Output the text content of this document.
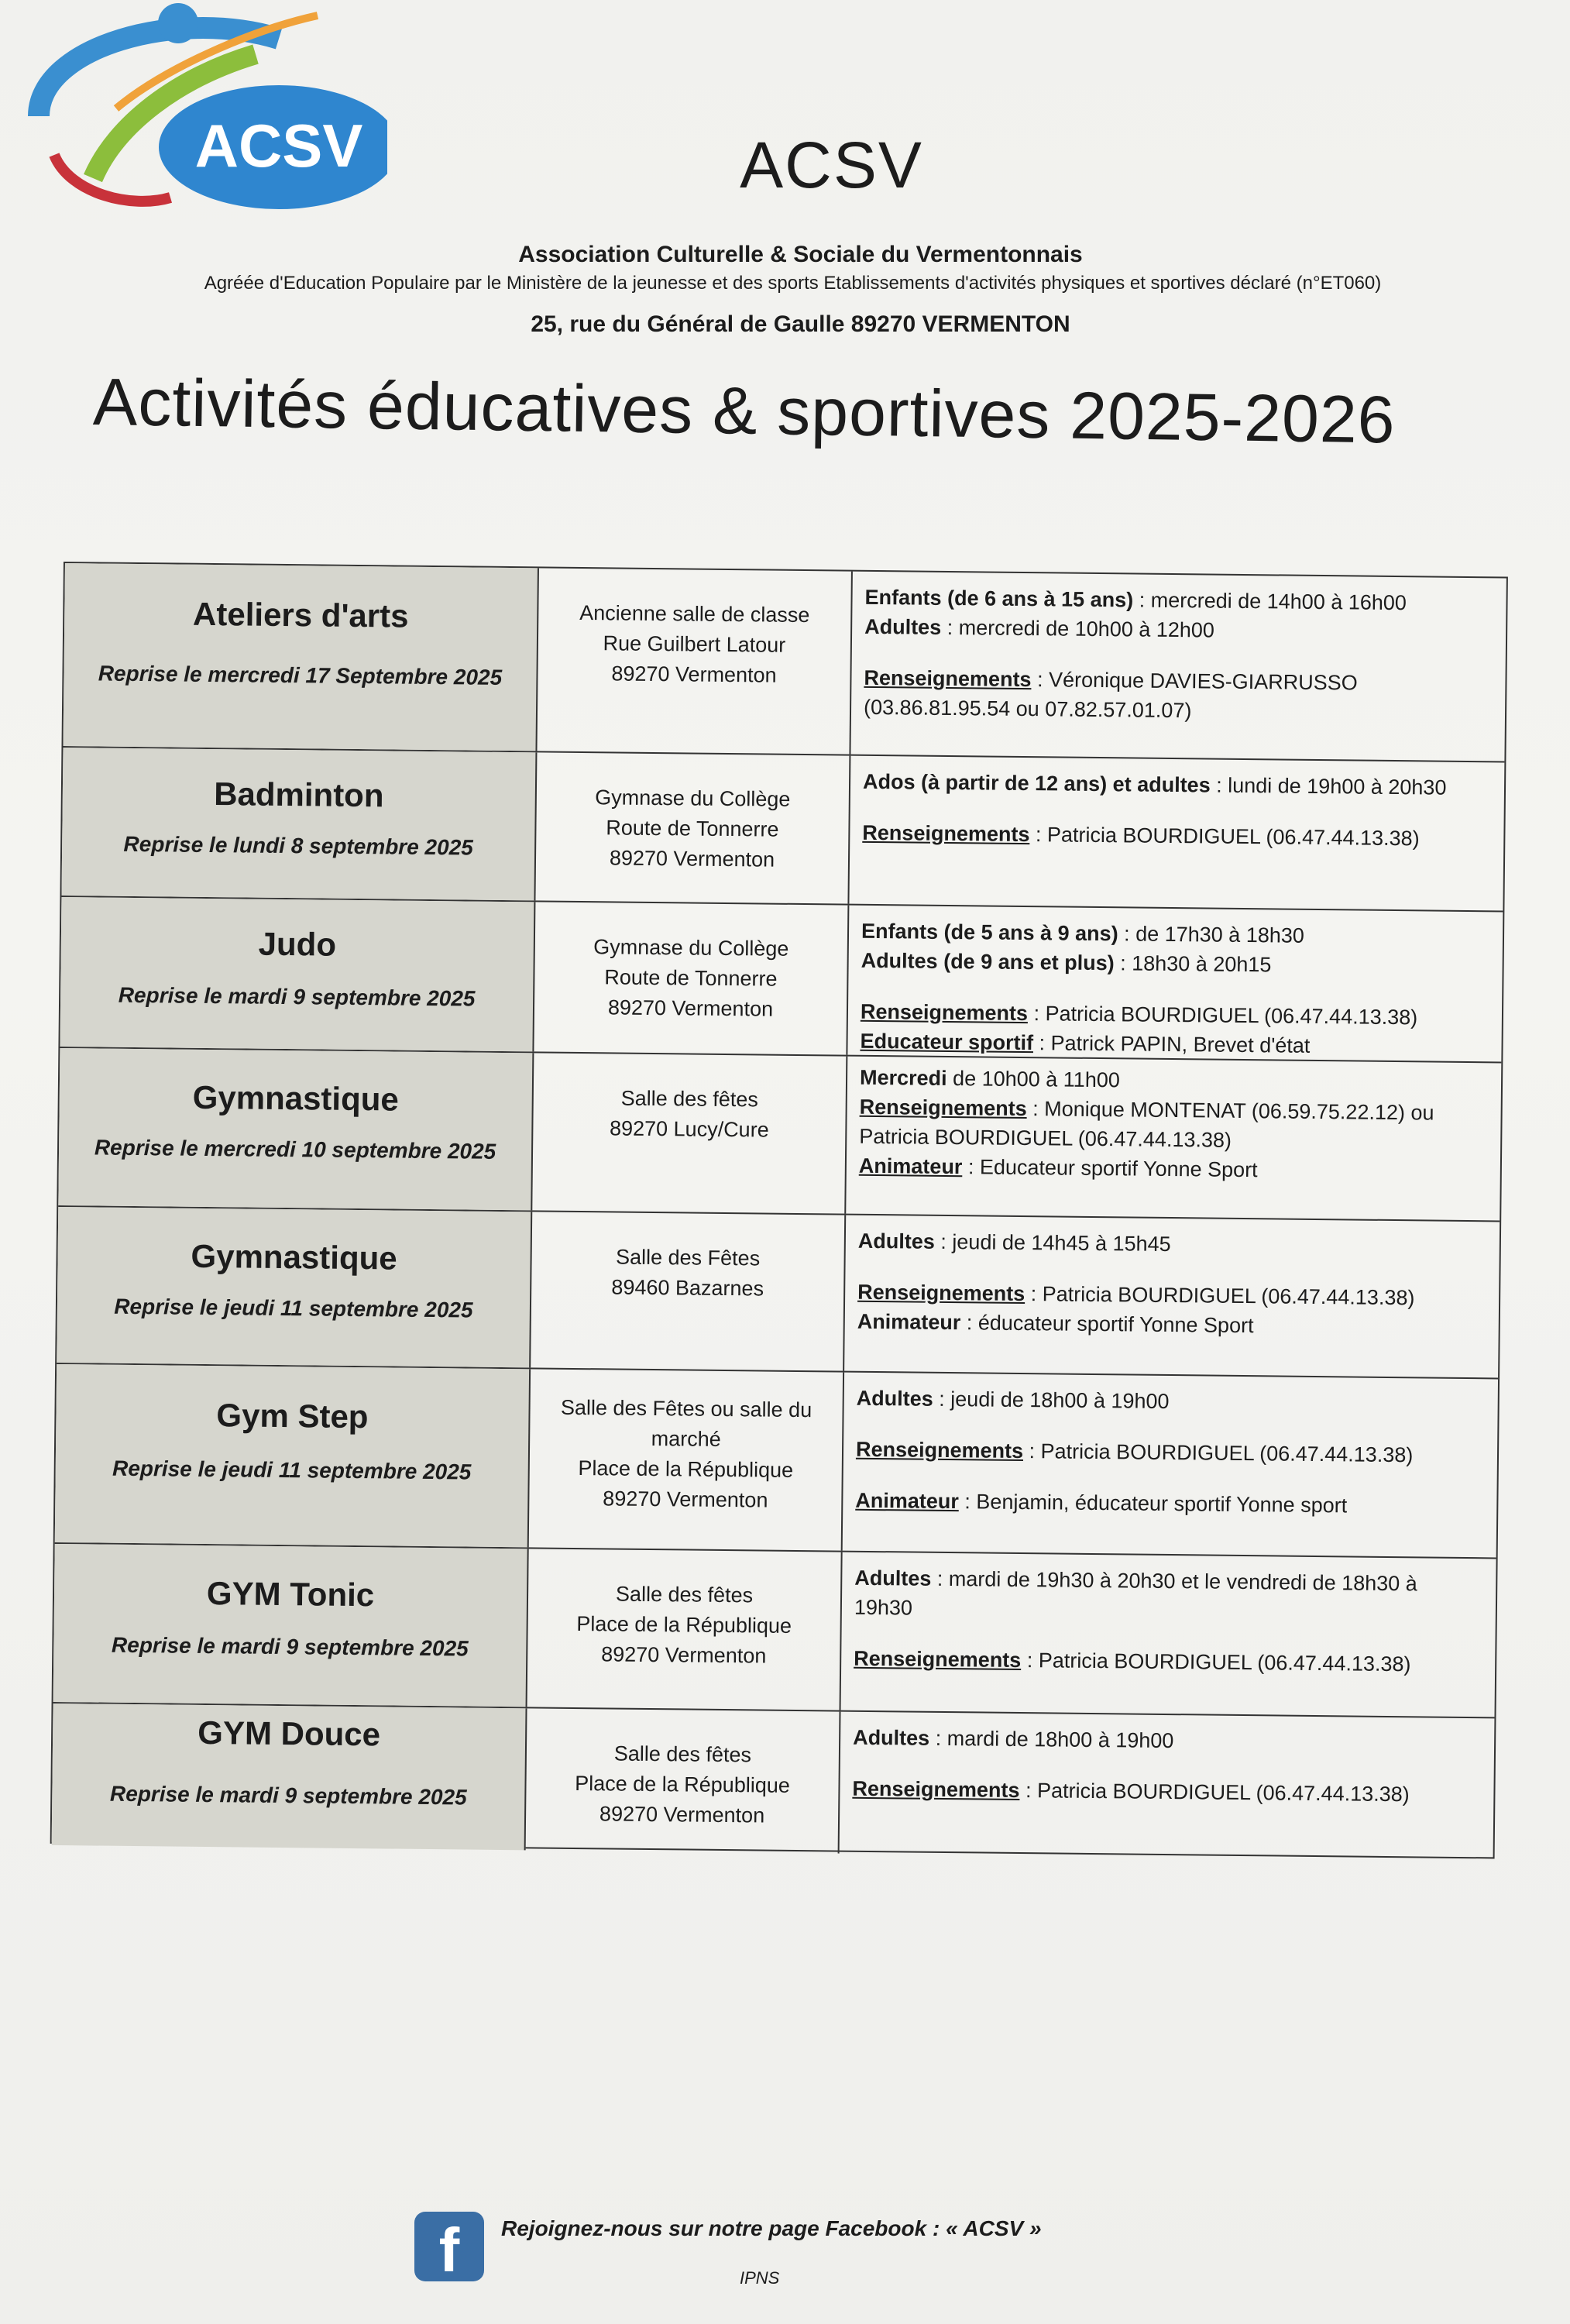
ACSV	ACSV
Association Culturelle & Sociale du Vermentonnais
Agréée d'Education Populaire par le Ministère de la jeunesse et des sports Etablissements d'activités physiques et sportives déclaré (n°ET060)
25, rue du Général de Gaulle 89270 VERMENTON
Activités éducatives & sportives 2025-2026
Ateliers d'arts
Reprise le mercredi 17 Septembre 2025
Ancienne salle de classe
Rue Guilbert Latour
89270 Vermenton
Enfants (de 6 ans à 15 ans) : mercredi de 14h00 à 16h00
Adultes : mercredi de 10h00 à 12h00
Renseignements : Véronique DAVIES-GIARRUSSO
(03.86.81.95.54 ou 07.82.57.01.07)
Badminton
Reprise le lundi 8 septembre 2025
Gymnase du Collège
Route de Tonnerre
89270 Vermenton
Ados (à partir de 12 ans) et adultes : lundi de 19h00 à 20h30
Renseignements : Patricia BOURDIGUEL (06.47.44.13.38)
Judo
Reprise le mardi 9 septembre 2025
Gymnase du Collège
Route de Tonnerre
89270 Vermenton
Enfants (de 5 ans à 9 ans) : de 17h30 à 18h30
Adultes (de 9 ans et plus) : 18h30 à 20h15
Renseignements : Patricia BOURDIGUEL (06.47.44.13.38)
Educateur sportif : Patrick PAPIN, Brevet d'état
Gymnastique
Reprise le mercredi 10 septembre 2025
Salle des fêtes
89270 Lucy/Cure
Mercredi de 10h00 à 11h00
Renseignements : Monique MONTENAT (06.59.75.22.12) ou
Patricia BOURDIGUEL (06.47.44.13.38)
Animateur : Educateur sportif Yonne Sport
Gymnastique
Reprise le jeudi 11 septembre 2025
Salle des Fêtes
89460 Bazarnes
Adultes : jeudi de 14h45 à 15h45
Renseignements : Patricia BOURDIGUEL (06.47.44.13.38)
Animateur : éducateur sportif Yonne Sport
Gym Step
Reprise le jeudi 11 septembre 2025
Salle des Fêtes ou salle du
marché
Place de la République
89270 Vermenton
Adultes : jeudi de 18h00 à 19h00
Renseignements : Patricia BOURDIGUEL (06.47.44.13.38)
Animateur : Benjamin, éducateur sportif Yonne sport
GYM Tonic
Reprise le mardi 9 septembre 2025
Salle des fêtes
Place de la République
89270 Vermenton
Adultes : mardi de 19h30 à 20h30 et le vendredi de 18h30 à
19h30
Renseignements : Patricia BOURDIGUEL (06.47.44.13.38)
GYM Douce
Reprise le mardi 9 septembre 2025
Salle des fêtes
Place de la République
89270 Vermenton
Adultes : mardi de 18h00 à 19h00
Renseignements : Patricia BOURDIGUEL (06.47.44.13.38)
f	Rejoignez-nous sur notre page Facebook : « ACSV »
IPNS
